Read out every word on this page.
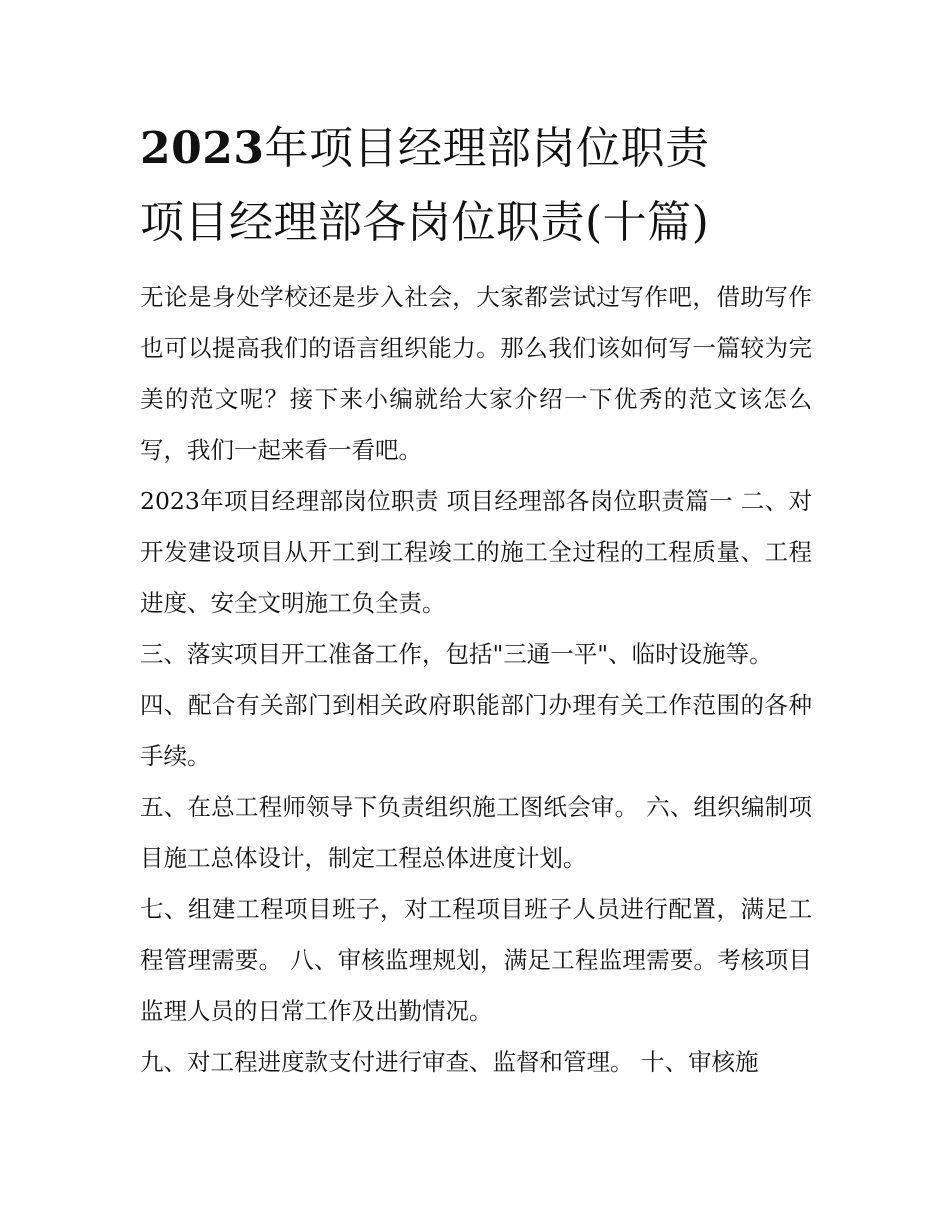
2023年项目经理部岗位职责
项目经理部各岗位职责(十篇)

无论是身处学校还是步入社会，大家都尝试过写作吧，借助写作也可以提高我们的语言组织能力。那么我们该如何写一篇较为完美的范文呢？接下来小编就给大家介绍一下优秀的范文该怎么写，我们一起来看一看吧。

2023年项目经理部岗位职责 项目经理部各岗位职责篇一 二、对开发建设项目从开工到工程竣工的施工全过程的工程质量、工程进度、安全文明施工负全责。

三、落实项目开工准备工作，包括"三通一平"、临时设施等。

四、配合有关部门到相关政府职能部门办理有关工作范围的各种手续。

五、在总工程师领导下负责组织施工图纸会审。 六、组织编制项目施工总体设计，制定工程总体进度计划。

七、组建工程项目班子，对工程项目班子人员进行配置，满足工程管理需要。 八、审核监理规划，满足工程监理需要。考核项目监理人员的日常工作及出勤情况。

九、对工程进度款支付进行审查、监督和管理。 十、审核施
